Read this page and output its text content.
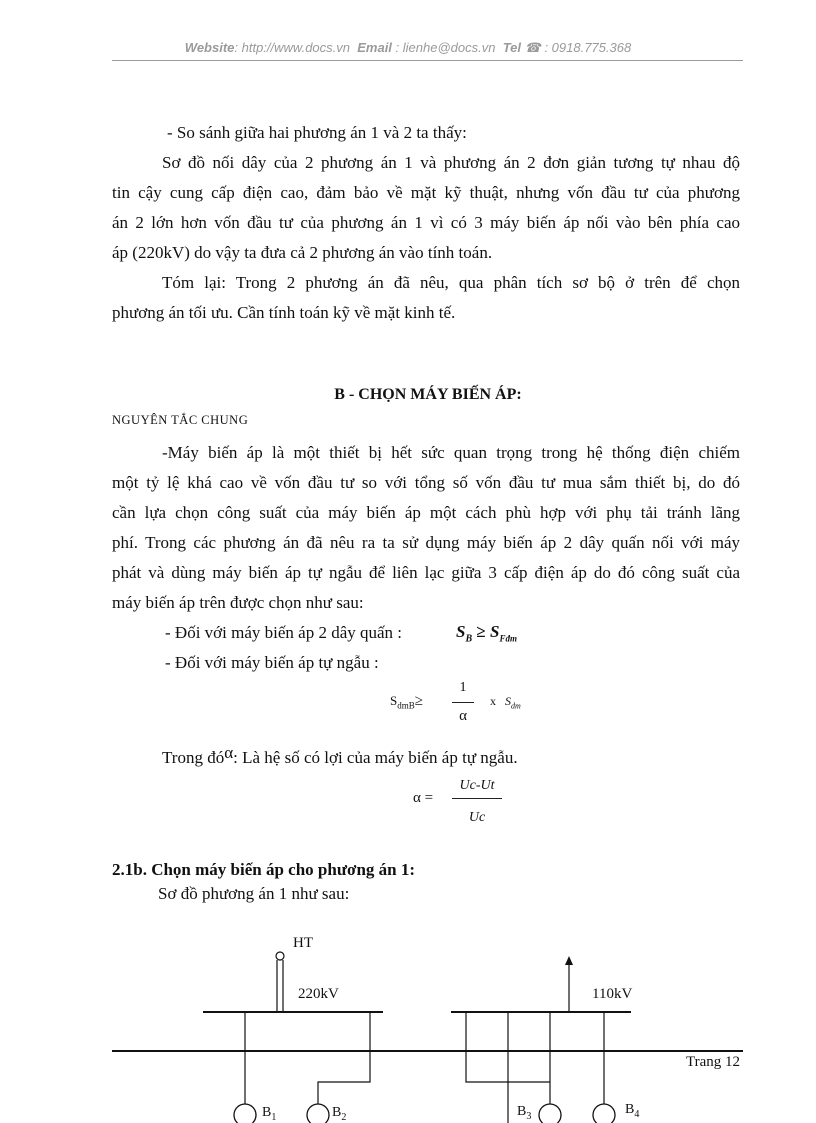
Website: http://www.docs.vn Email : lienhe@docs.vn Tel ☎ : 0918.775.368
- So sánh giữa hai phương án 1 và 2 ta thấy:
Sơ đồ nối dây của 2 phương án 1 và phương án 2 đơn giản tương tự nhau độ
tin cậy cung cấp điện cao, đảm bảo về mặt kỹ thuật, nhưng vốn đầu tư của phương
án 2 lớn hơn vốn đầu tư của phương án 1 vì có 3 máy biến áp nối vào bên phía cao
áp (220kV) do vậy ta đưa cả 2 phương án vào tính toán.
Tóm lại: Trong 2 phương án đã nêu, qua phân tích sơ bộ ở trên để chọn
phương án tối ưu. Cần tính toán kỹ về mặt kinh tế.
B - CHỌN MÁY BIẾN ÁP:
NGUYÊN TẮC CHUNG
-Máy biến áp là một thiết bị hết sức quan trọng trong hệ thống điện chiếm
một tỷ lệ khá cao về vốn đầu tư so với tổng số vốn đầu tư mua sắm thiết bị, do đó
cần lựa chọn công suất của máy biến áp một cách phù hợp với phụ tải tránh lãng
phí. Trong các phương án đã nêu ra ta sử dụng máy biến áp 2 dây quấn nối với máy
phát và dùng máy biến áp tự ngẫu để liên lạc giữa 3 cấp điện áp do đó công suất của
máy biến áp trên được chọn như sau:
- Đối với máy biến áp 2 dây quấn :	$S_B \ge S_{Fđm}$
- Đối với máy biến áp tự ngẫu :
$S_{dmB}\ge$
1
α
x $S_{dm}$
Trong đóα: Là hệ số có lợi của máy biến áp tự ngẫu.
α =
Uc-Ut
Uc
2.1b. Chọn máy biến áp cho phương án 1:
Sơ đồ phương án 1 như sau:
HT
220kV	110kV
Trang 12
$B_1$	$B_2$	$B_3$	$B_4$
